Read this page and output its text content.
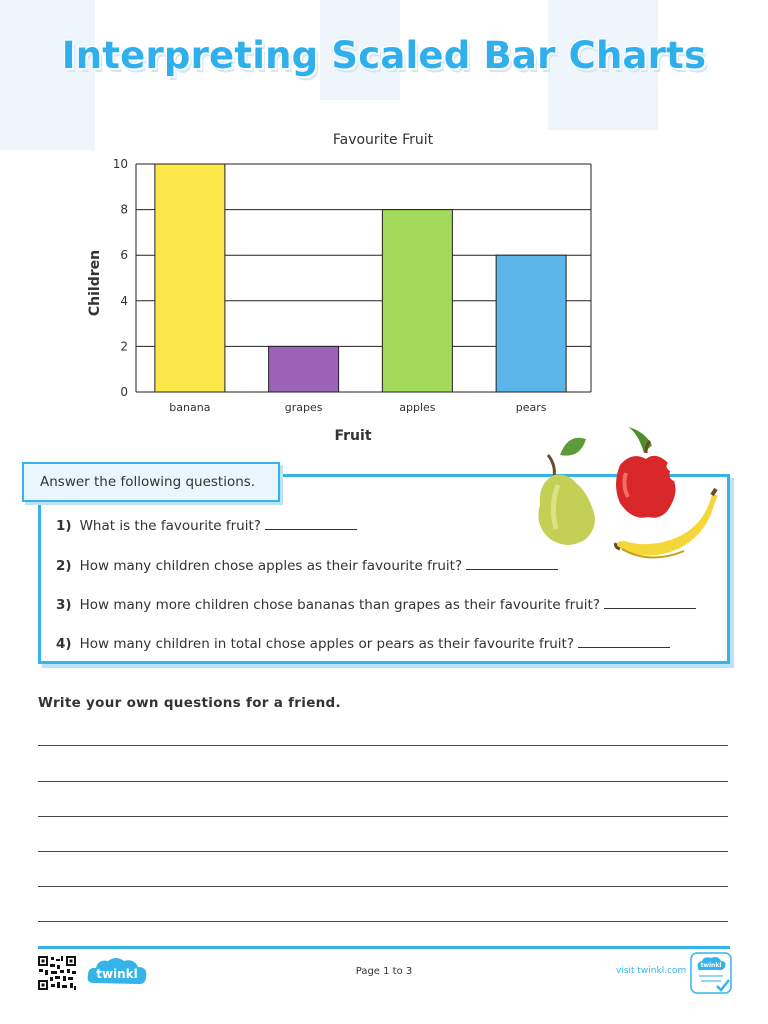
Interpreting Scaled Bar Charts
Favourite Fruit
0
2
4
6
8
10
banana	grapes	apples	pears
Fruit
Children
Answer the following questions.
1) What is the favourite fruit?
2) How many children chose apples as their favourite fruit?
3) How many more children chose bananas than grapes as their favourite fruit?
4) How many children in total chose apples or pears as their favourite fruit?
Write your own questions for a friend.
twinkl	Page 1 to 3	visit twinkl.com
twinkl
